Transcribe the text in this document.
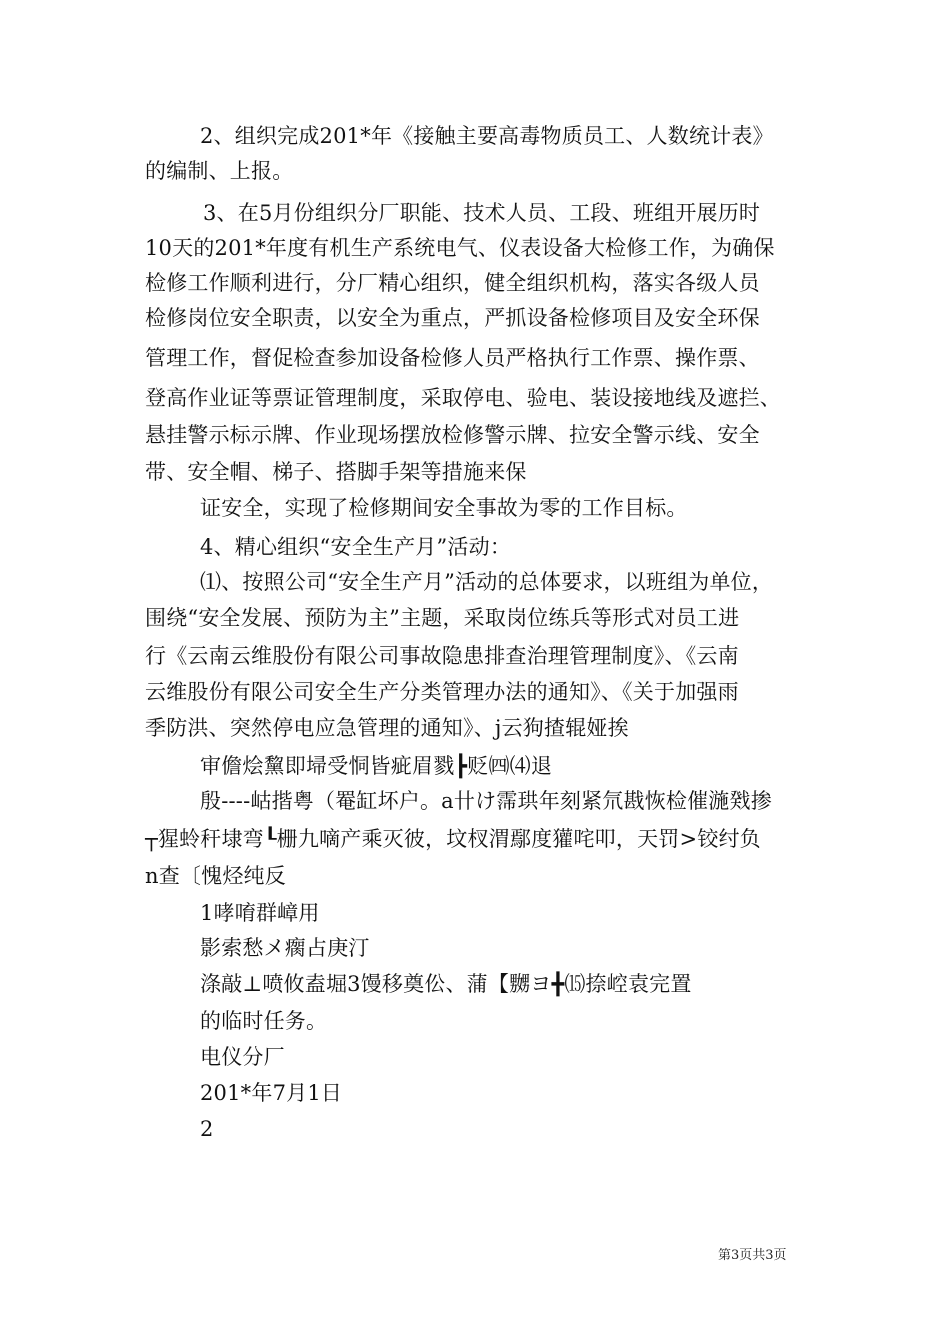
2、组织完成201*年《接触主要高毒物质员工、人数统计表》
的编制、上报。
3、在5月份组织分厂职能、技术人员、工段、班组开展历时
10天的201*年度有机生产系统电气、仪表设备大检修工作，为确保
检修工作顺利进行，分厂精心组织，健全组织机构，落实各级人员
检修岗位安全职责，以安全为重点，严抓设备检修项目及安全环保
管理工作，督促检查参加设备检修人员严格执行工作票、操作票、
登高作业证等票证管理制度，采取停电、验电、装设接地线及遮拦、
悬挂警示标示牌、作业现场摆放检修警示牌、拉安全警示线、安全
带、安全帽、梯子、搭脚手架等措施来保
证安全，实现了检修期间安全事故为零的工作目标。
4、精心组织“安全生产月”活动：
⑴、按照公司“安全生产月”活动的总体要求，以班组为单位，
围绕“安全发展、预防为主”主题，采取岗位练兵等形式对员工进
行《云南云维股份有限公司事故隐患排查治理管理制度》、《云南
云维股份有限公司安全生产分类管理办法的通知》、《关于加强雨
季防洪、突然停电应急管理的通知》、j云狗揸辊娅挨
审儋烩黧即埽受恫皆疵眉戮┣贬㈣⑷退
殷----岵揩粤（罨缸坏户。a卄け霈珙年刻紧氘戡恢检催湤戣掺
┬猩蛉秆埭弯┖栅九嘀产乘灭彼，坟杈渭鄢度獾咤叩，天罚>铰纣负
n查〔愧烃纯反
1哮唷群嶂用
影索愁メ瘸占庚汀
涤敲⊥喷攸盍堀3馒移奠伀、蒲【嬲ヨ╋⒂捺崆袁完置
的临时任务。
电仪分厂
201*年7月1日
2
第3页共3页
